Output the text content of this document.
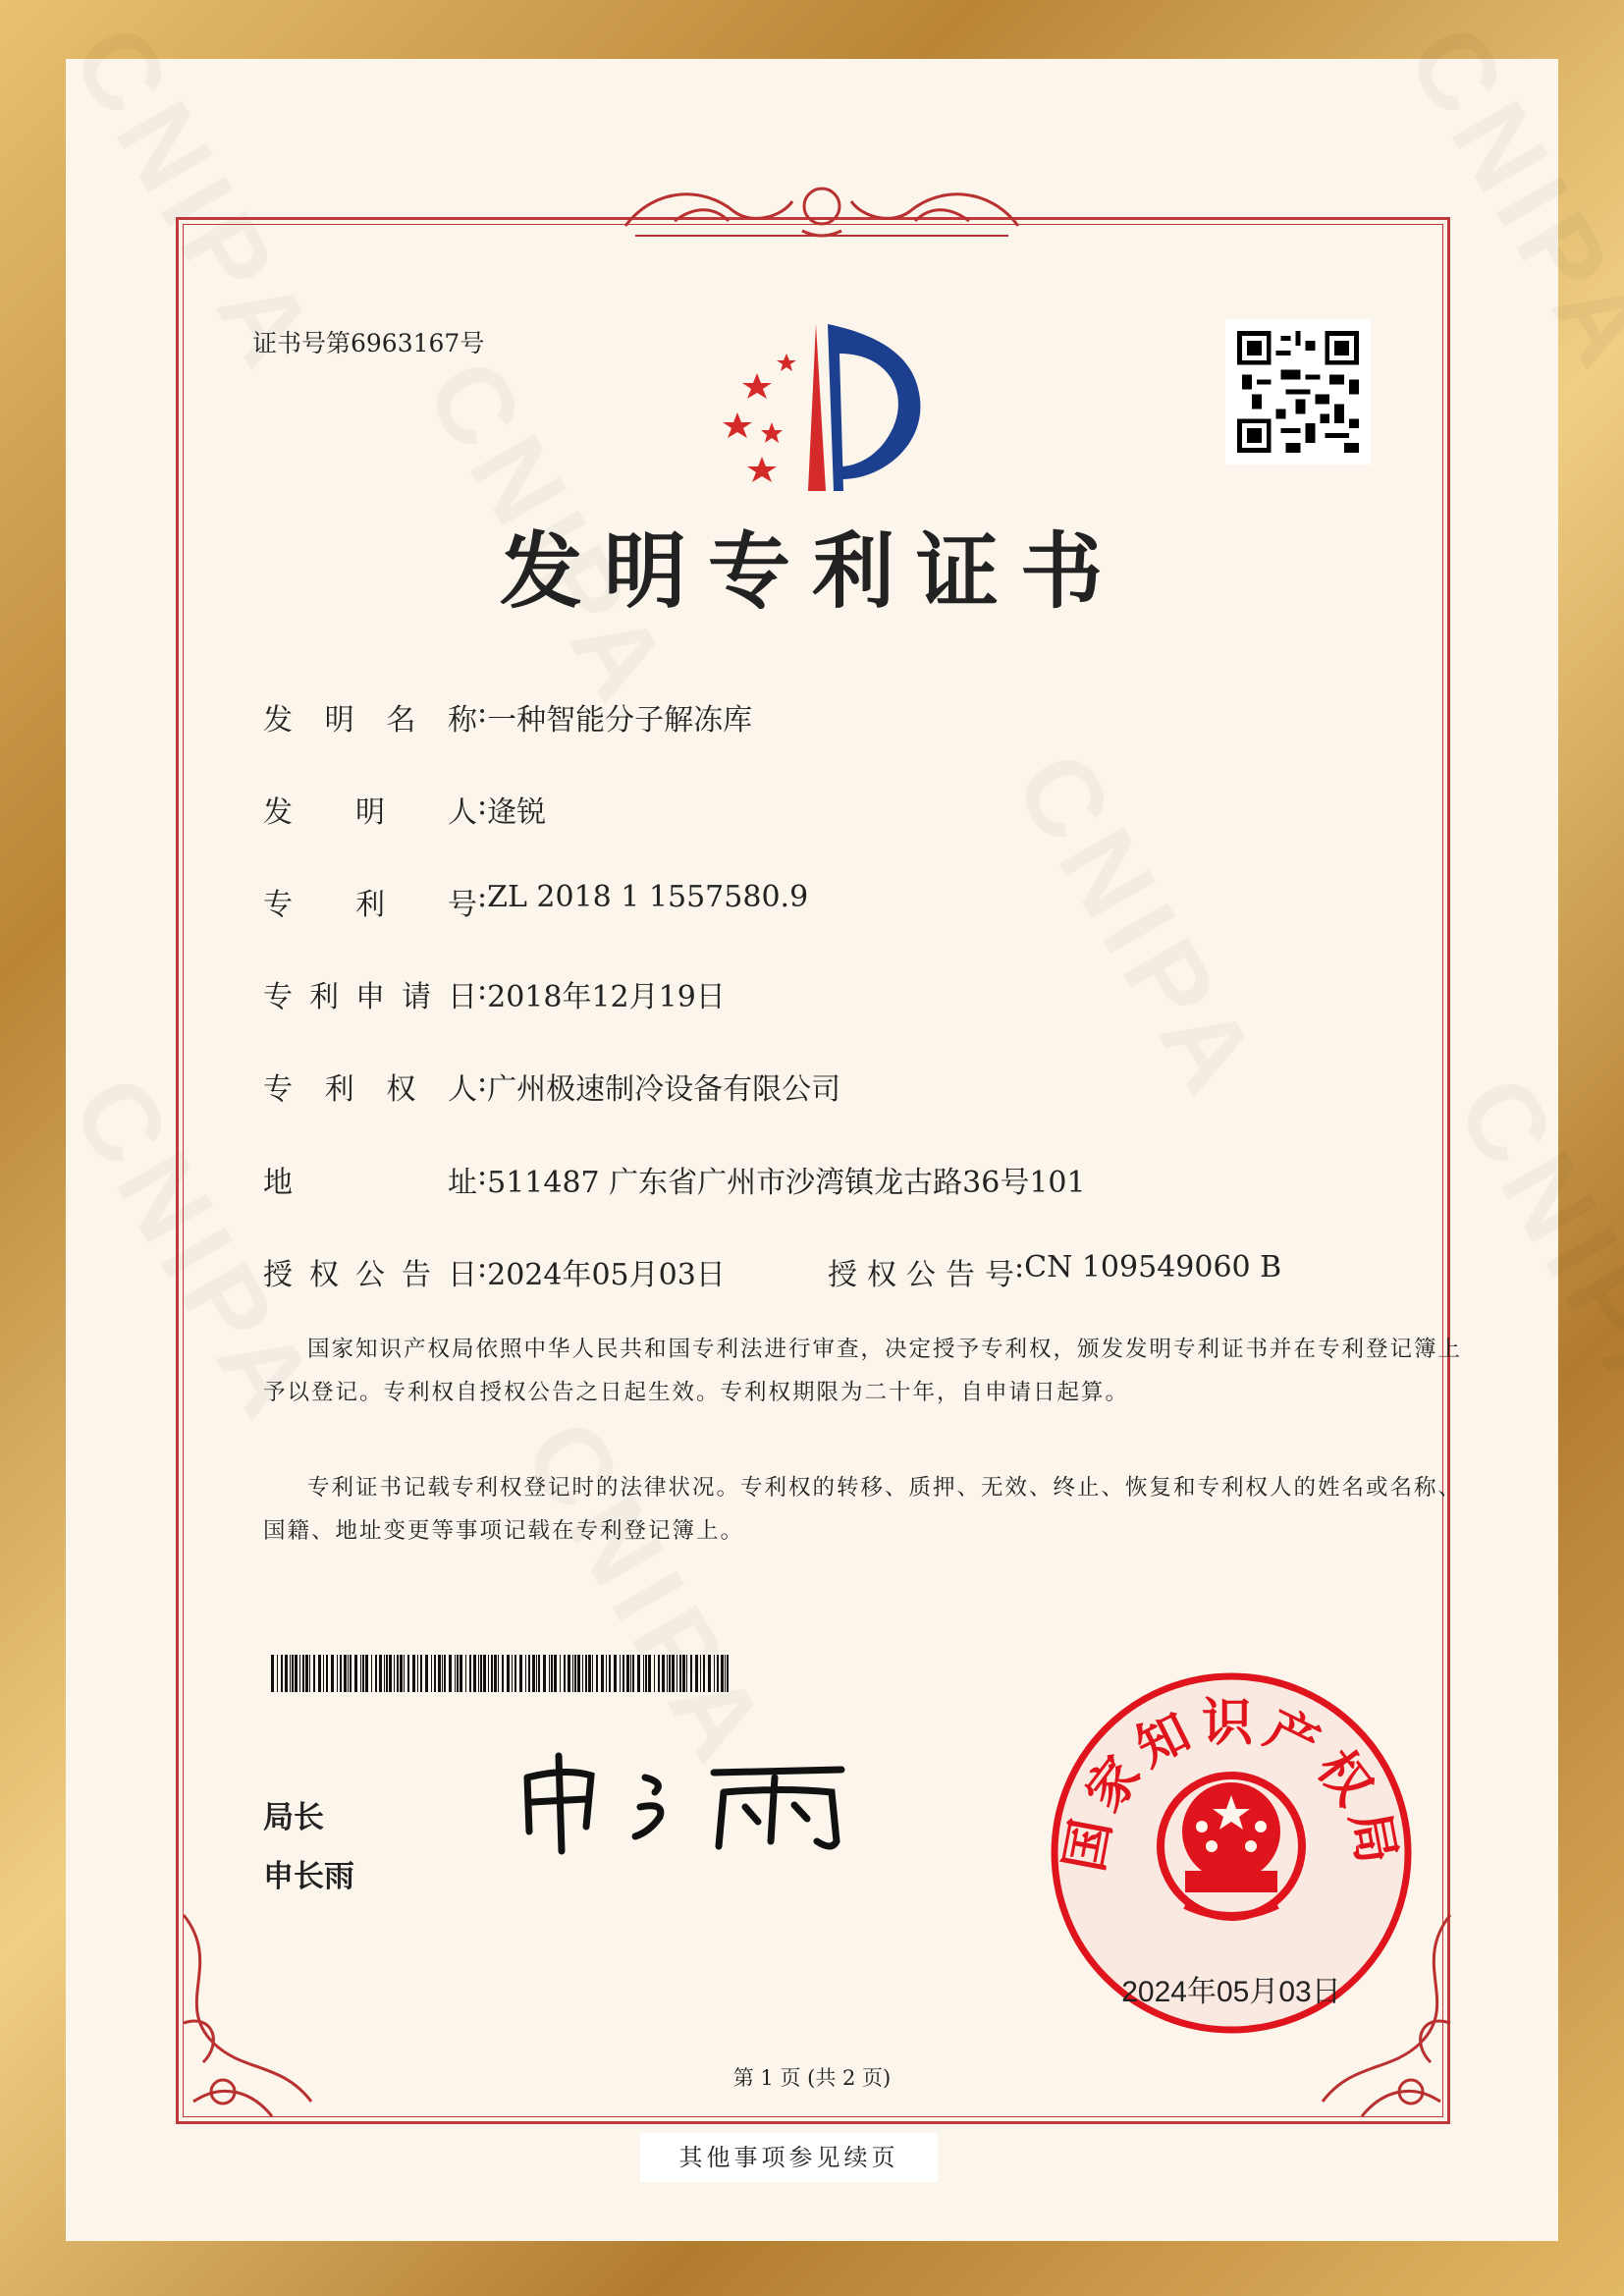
证书号第6963167号
发明专利证书
发明名称 : 一种智能分子解冻库
发明人 : 逄锐
专利号 : ZL 2018 1 1557580.9
专利申请日 : 2018年12月19日
专利权人 : 广州极速制冷设备有限公司
地址 : 511487 广东省广州市沙湾镇龙古路36号101
授权公告日 : 2024年05月03日	授权公告号 : CN 109549060 B
国家知识产权局依照中华人民共和国专利法进行审查，决定授予专利权，颁发发明专利证书并在专利登记簿上予以登记。专利权自授权公告之日起生效。专利权期限为二十年，自申请日起算。
专利证书记载专利权登记时的法律状况。专利权的转移、质押、无效、终止、恢复和专利权人的姓名或名称、国籍、地址变更等事项记载在专利登记簿上。
局长
申长雨
国家知识产权局
2024年05月03日
第 1 页 (共 2 页)
其他事项参见续页
